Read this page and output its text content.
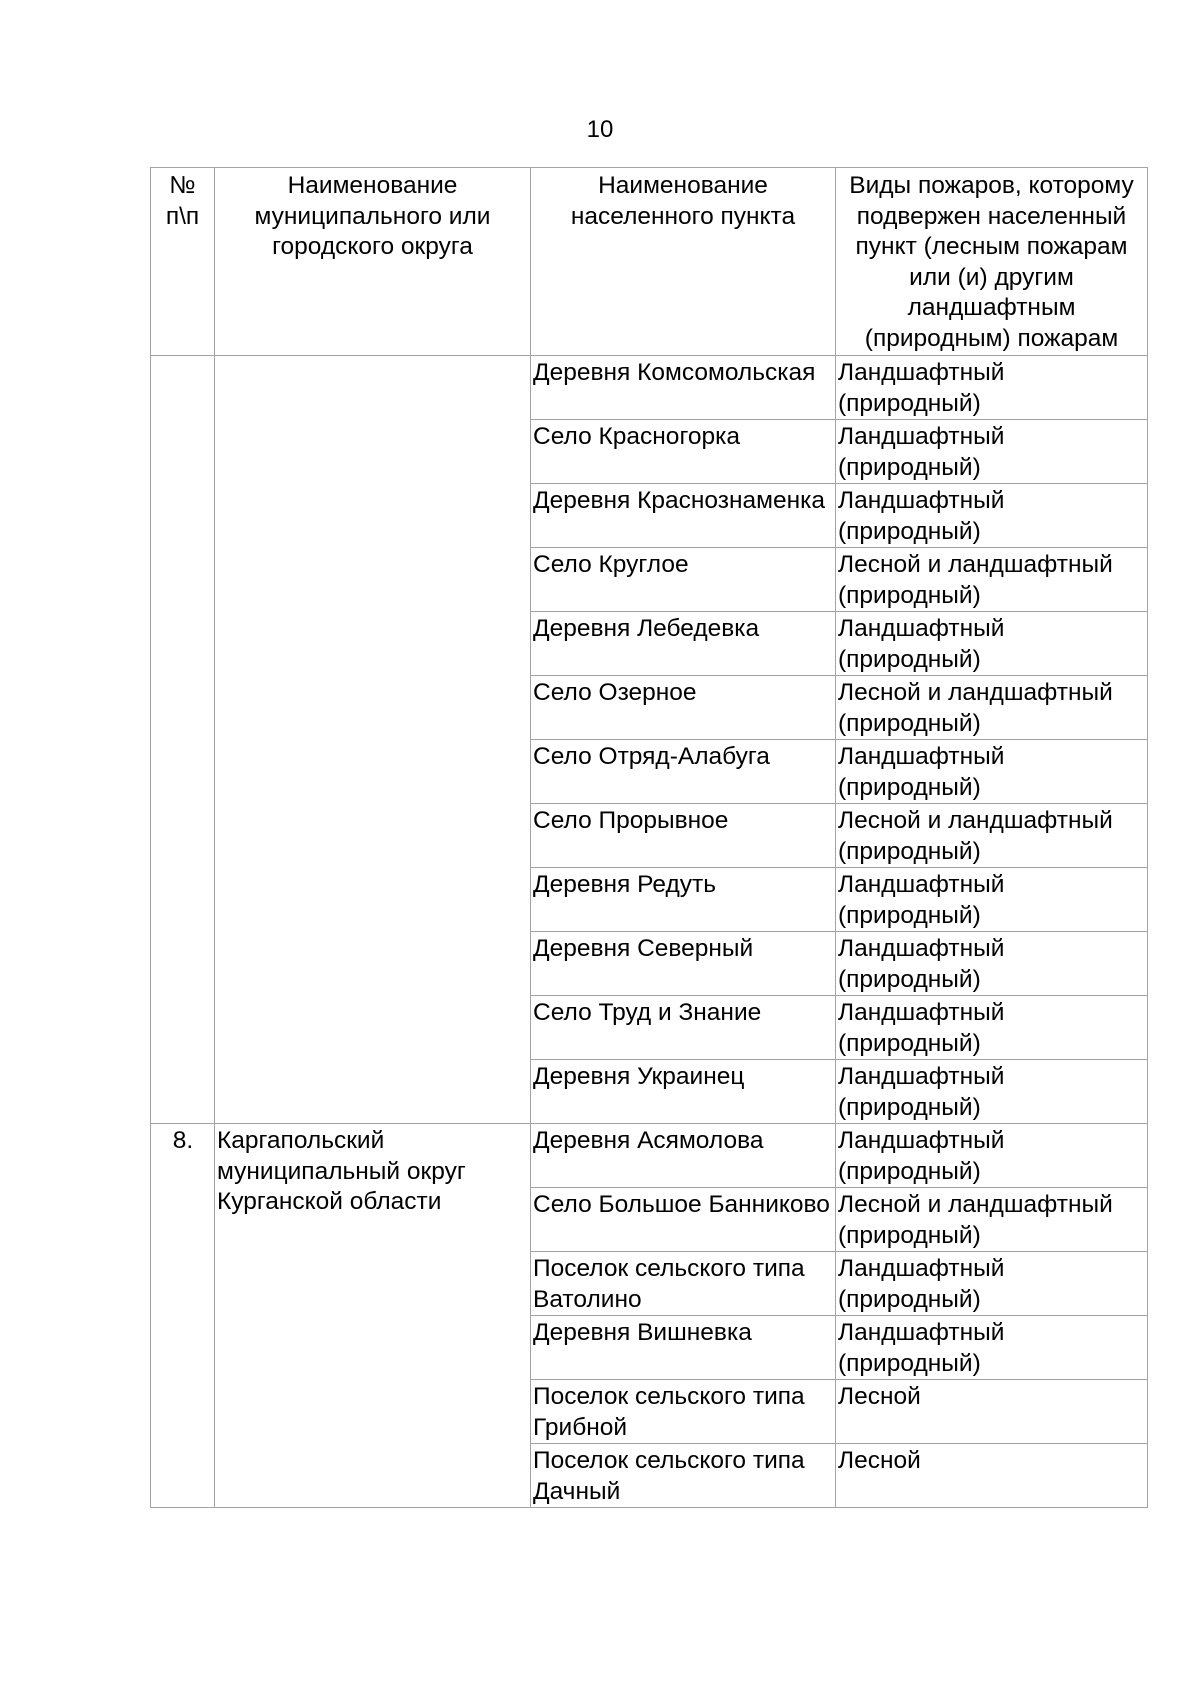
10
№ п\п	Наименование муниципального или городского округа	Наименование населенного пункта	Виды пожаров, которому подвержен населенный пункт (лесным пожарам или (и) другим ландшафтным (природным) пожарам
		Деревня Комсомольская	Ландшафтный (природный)
		Село Красногорка	Ландшафтный (природный)
		Деревня Краснознаменка	Ландшафтный (природный)
		Село Круглое	Лесной и ландшафтный (природный)
		Деревня Лебедевка	Ландшафтный (природный)
		Село Озерное	Лесной и ландшафтный (природный)
		Село Отряд-Алабуга	Ландшафтный (природный)
		Село Прорывное	Лесной и ландшафтный (природный)
		Деревня Редуть	Ландшафтный (природный)
		Деревня Северный	Ландшафтный (природный)
		Село Труд и Знание	Ландшафтный (природный)
		Деревня Украинец	Ландшафтный (природный)
8.	Каргапольский муниципальный округ Курганской области	Деревня Асямолова	Ландшафтный (природный)
		Село Большое Банниково	Лесной и ландшафтный (природный)
		Поселок сельского типа Ватолино	Ландшафтный (природный)
		Деревня Вишневка	Ландшафтный (природный)
		Поселок сельского типа Грибной	Лесной
		Поселок сельского типа Дачный	Лесной
